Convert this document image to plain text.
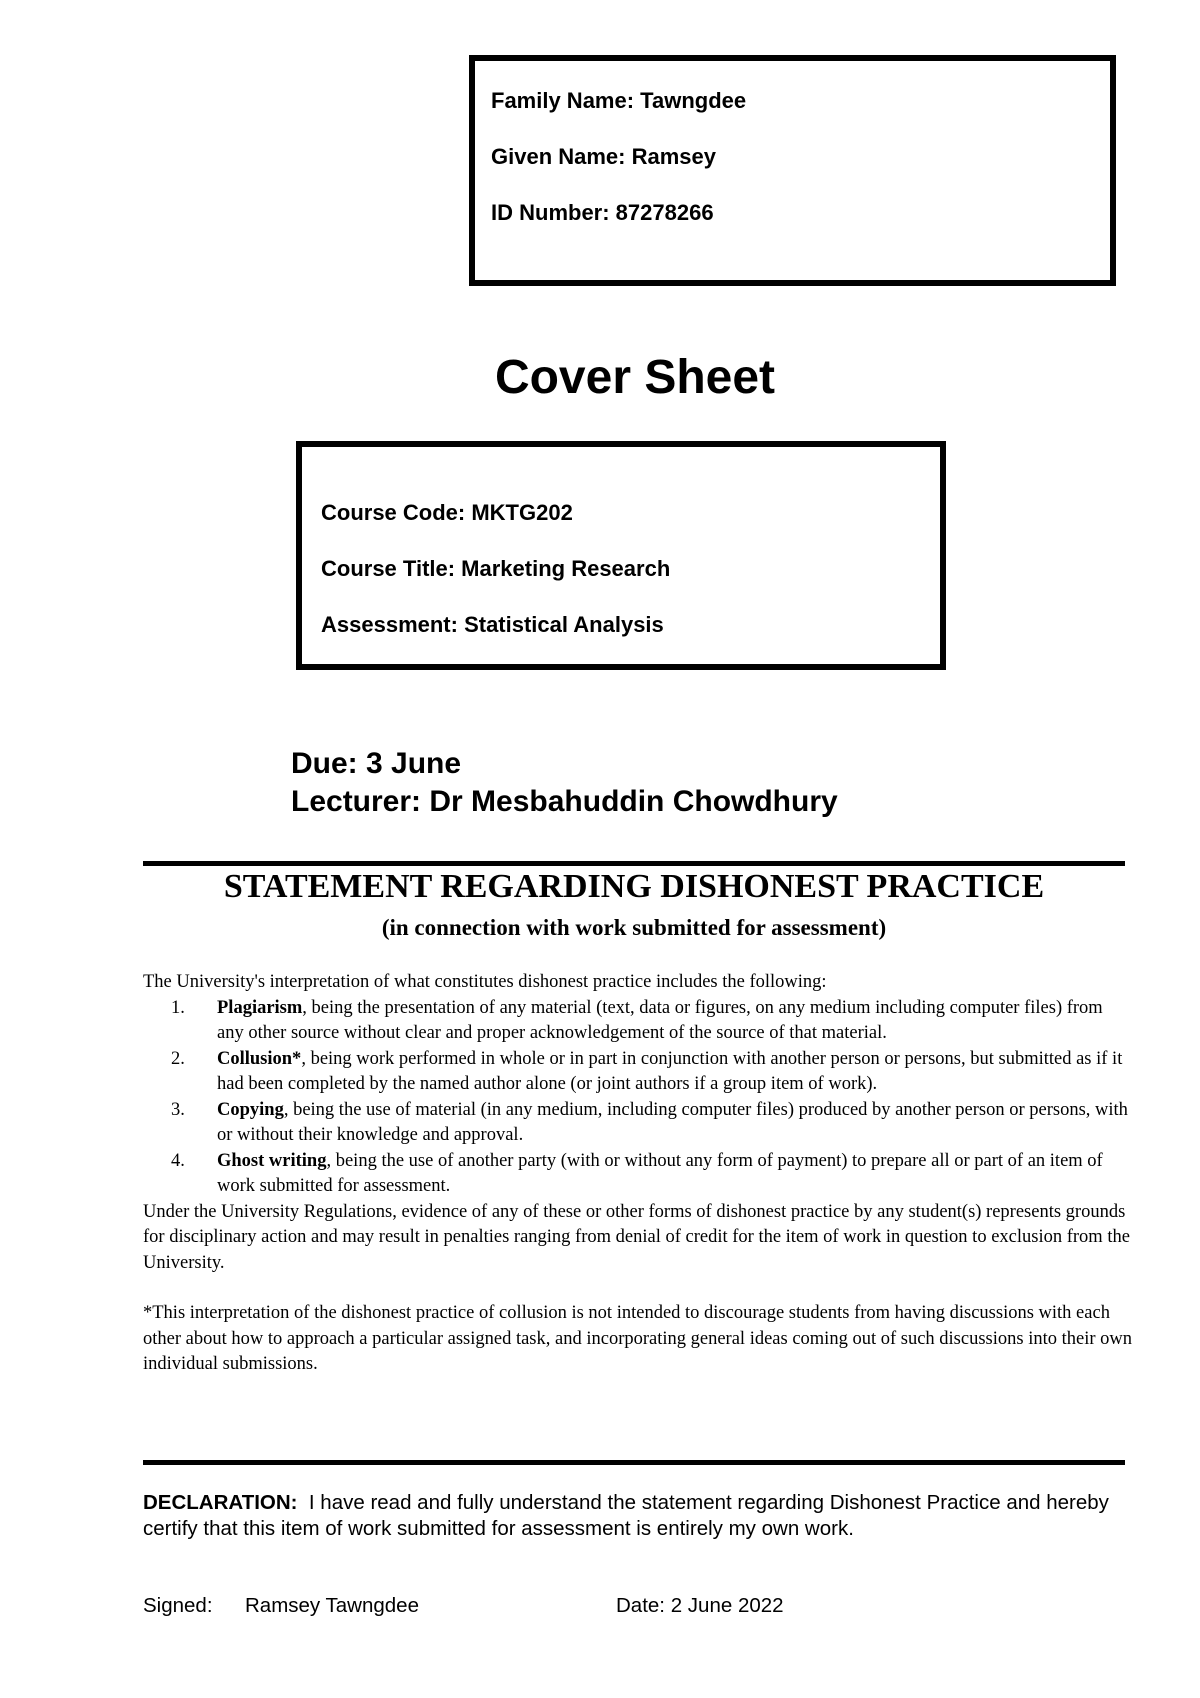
Family Name: Tawngdee

Given Name: Ramsey

ID Number: 87278266

Cover Sheet

Course Code: MKTG202

Course Title: Marketing Research

Assessment: Statistical Analysis

Due: 3 June
Lecturer: Dr Mesbahuddin Chowdhury
STATEMENT REGARDING DISHONEST PRACTICE
(in connection with work submitted for assessment)

The University's interpretation of what constitutes dishonest practice includes the following:

1. Plagiarism, being the presentation of any material (text, data or figures, on any medium including computer files) from any other source without clear and proper acknowledgement of the source of that material.
2. Collusion*, being work performed in whole or in part in conjunction with another person or persons, but submitted as if it had been completed by the named author alone (or joint authors if a group item of work).
3. Copying, being the use of material (in any medium, including computer files) produced by another person or persons, with or without their knowledge and approval.
4. Ghost writing, being the use of another party (with or without any form of payment) to prepare all or part of an item of work submitted for assessment.

Under the University Regulations, evidence of any of these or other forms of dishonest practice by any student(s) represents grounds for disciplinary action and may result in penalties ranging from denial of credit for the item of work in question to exclusion from the University.

*This interpretation of the dishonest practice of collusion is not intended to discourage students from having discussions with each other about how to approach a particular assigned task, and incorporating general ideas coming out of such discussions into their own individual submissions.

DECLARATION: I have read and fully understand the statement regarding Dishonest Practice and hereby certify that this item of work submitted for assessment is entirely my own work.

Signed: Ramsey Tawngdee	Date: 2 June 2022
